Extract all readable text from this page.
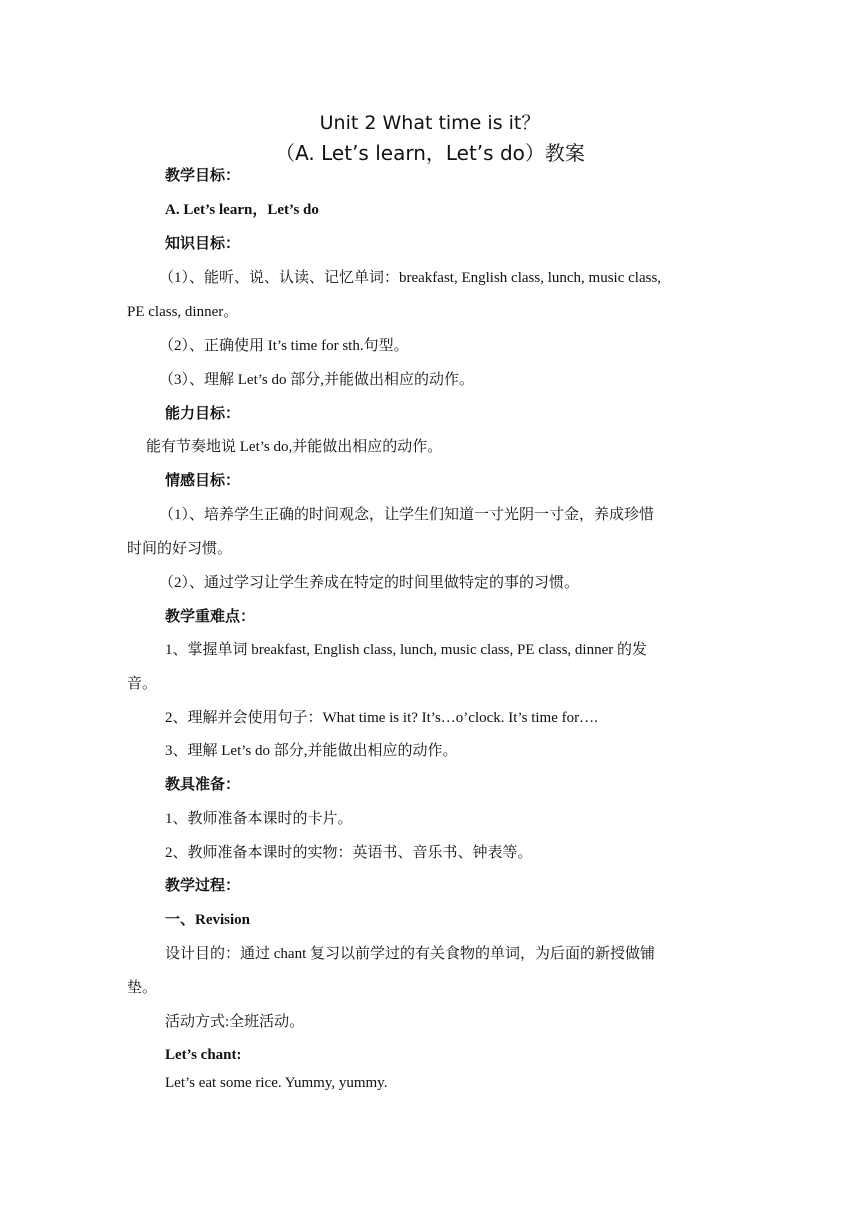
Unit 2 What time is it？
（A. Let’s learn，Let’s do）教案
教学目标：
A. Let’s learn，Let’s do
知识目标：
（1）、能听、说、认读、记忆单词：breakfast, English class, lunch, music class,
PE class, dinner。
（2）、正确使用 It’s time for sth.句型。
（3）、理解 Let’s do 部分,并能做出相应的动作。
能力目标：
能有节奏地说 Let’s do,并能做出相应的动作。
情感目标：
（1）、培养学生正确的时间观念，让学生们知道一寸光阴一寸金，养成珍惜
时间的好习惯。
（2）、通过学习让学生养成在特定的时间里做特定的事的习惯。
教学重难点：
1、掌握单词 breakfast, English class, lunch, music class, PE class, dinner 的发
音。
2、理解并会使用句子：What time is it? It’s…o’clock. It’s time for….
3、理解 Let’s do 部分,并能做出相应的动作。
教具准备：
1、教师准备本课时的卡片。
2、教师准备本课时的实物：英语书、音乐书、钟表等。
教学过程：
一、Revision
设计目的：通过 chant 复习以前学过的有关食物的单词，为后面的新授做铺
垫。
活动方式:全班活动。
Let’s chant:
Let’s eat some rice. Yummy, yummy.
